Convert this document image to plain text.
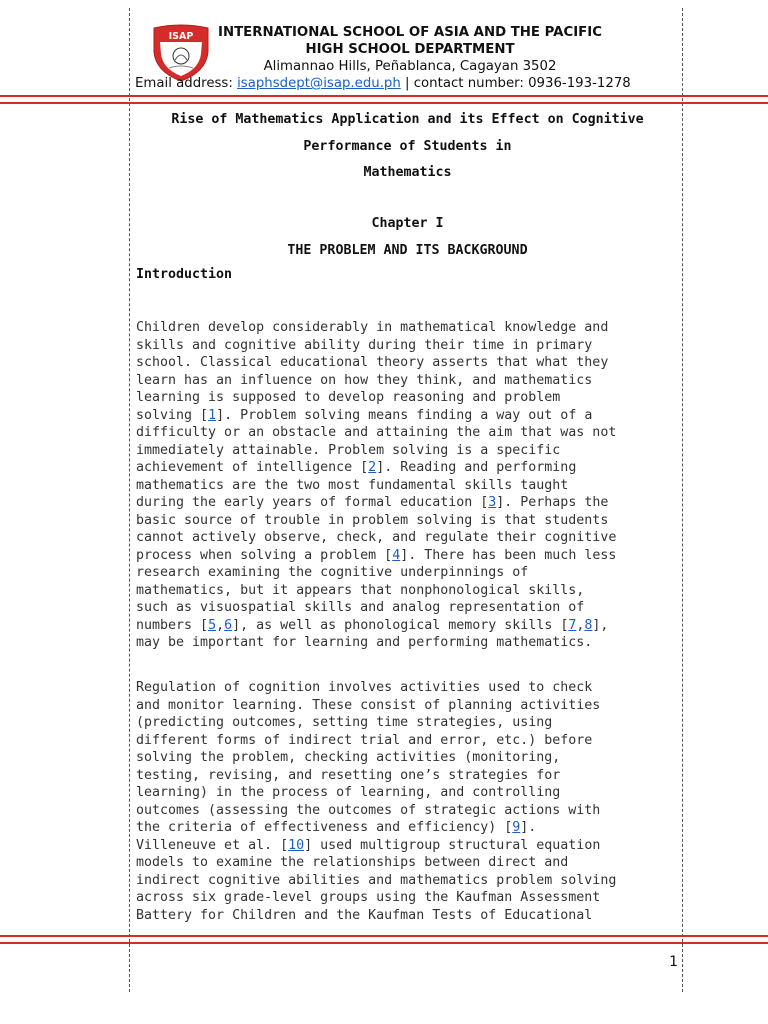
ISAP	INTERNATIONAL SCHOOL OF ASIA AND THE PACIFIC
HIGH SCHOOL DEPARTMENT
Alimannao Hills, Peñablanca, Cagayan 3502
Email address: isaphsdept@isap.edu.ph | contact number: 0936-193-1278
Rise of Mathematics Application and its Effect on Cognitive
Performance of Students in
Mathematics
Chapter I
THE PROBLEM AND ITS BACKGROUND
Introduction
Children develop considerably in mathematical knowledge and
skills and cognitive ability during their time in primary
school. Classical educational theory asserts that what they
learn has an influence on how they think, and mathematics
learning is supposed to develop reasoning and problem
solving [1]. Problem solving means finding a way out of a
difficulty or an obstacle and attaining the aim that was not
immediately attainable. Problem solving is a specific
achievement of intelligence [2]. Reading and performing
mathematics are the two most fundamental skills taught
during the early years of formal education [3]. Perhaps the
basic source of trouble in problem solving is that students
cannot actively observe, check, and regulate their cognitive
process when solving a problem [4]. There has been much less
research examining the cognitive underpinnings of
mathematics, but it appears that nonphonological skills,
such as visuospatial skills and analog representation of
numbers [5,6], as well as phonological memory skills [7,8],
may be important for learning and performing mathematics.
Regulation of cognition involves activities used to check
and monitor learning. These consist of planning activities
(predicting outcomes, setting time strategies, using
different forms of indirect trial and error, etc.) before
solving the problem, checking activities (monitoring,
testing, revising, and resetting one’s strategies for
learning) in the process of learning, and controlling
outcomes (assessing the outcomes of strategic actions with
the criteria of effectiveness and efficiency) [9].
Villeneuve et al. [10] used multigroup structural equation
models to examine the relationships between direct and
indirect cognitive abilities and mathematics problem solving
across six grade-level groups using the Kaufman Assessment
Battery for Children and the Kaufman Tests of Educational
1
